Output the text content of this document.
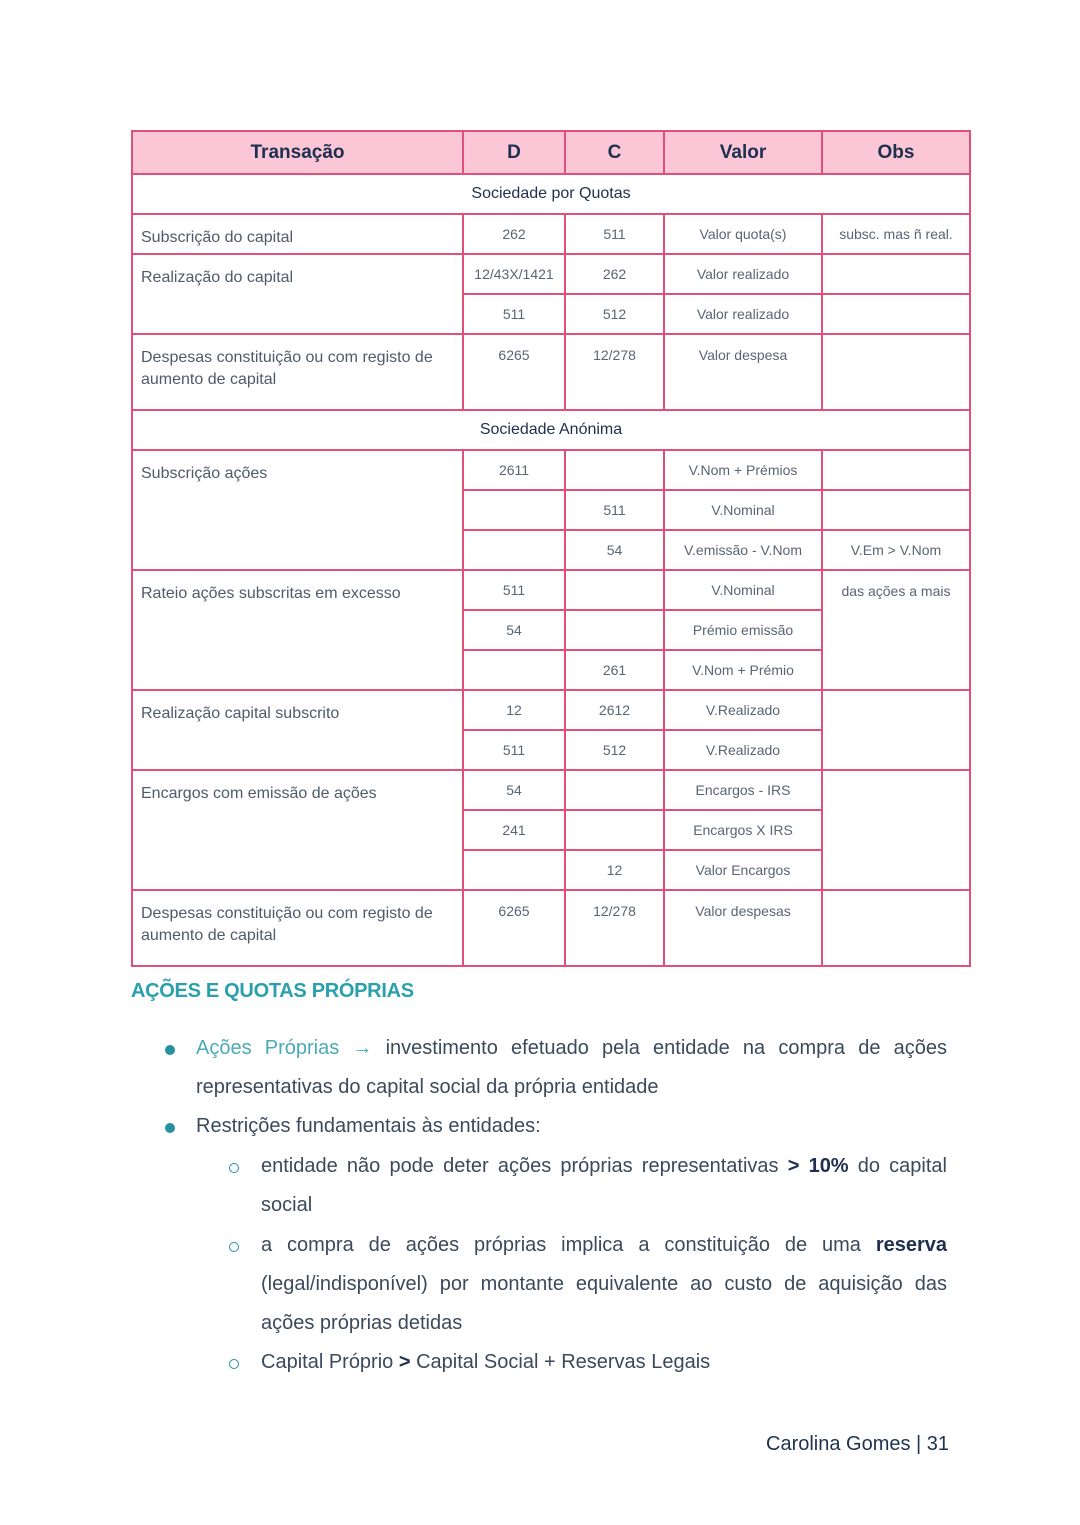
Transação	D	C	Valor	Obs
Sociedade por Quotas				
Subscrição do capital	262	511	Valor quota(s)	subsc. mas ñ real.
Realização do capital	12/43X/1421	262	Valor realizado	
	511	512	Valor realizado	
Despesas constituição ou com registo de aumento de capital	6265	12/278	Valor despesa	
Sociedade Anónima				
Subscrição ações	2611		V.Nom + Prémios	
		511	V.Nominal	
		54	V.emissão - V.Nom	V.Em > V.Nom
Rateio ações subscritas em excesso	511		V.Nominal	das ações a mais
	54		Prémio emissão	
		261	V.Nom + Prémio	
Realização capital subscrito	12	2612	V.Realizado	
	511	512	V.Realizado	
Encargos com emissão de ações	54		Encargos - IRS	
	241		Encargos X IRS	
		12	Valor Encargos	
Despesas constituição ou com registo de aumento de capital	6265	12/278	Valor despesas	
AÇÕES E QUOTAS PRÓPRIAS
Ações Próprias → investimento efetuado pela entidade na compra de ações
representativas do capital social da própria entidade
Restrições fundamentais às entidades:
entidade não pode deter ações próprias representativas > 10% do capital
social
a compra de ações próprias implica a constituição de uma reserva
(legal/indisponível) por montante equivalente ao custo de aquisição das
ações próprias detidas
Capital Próprio > Capital Social + Reservas Legais
Carolina Gomes | 31
